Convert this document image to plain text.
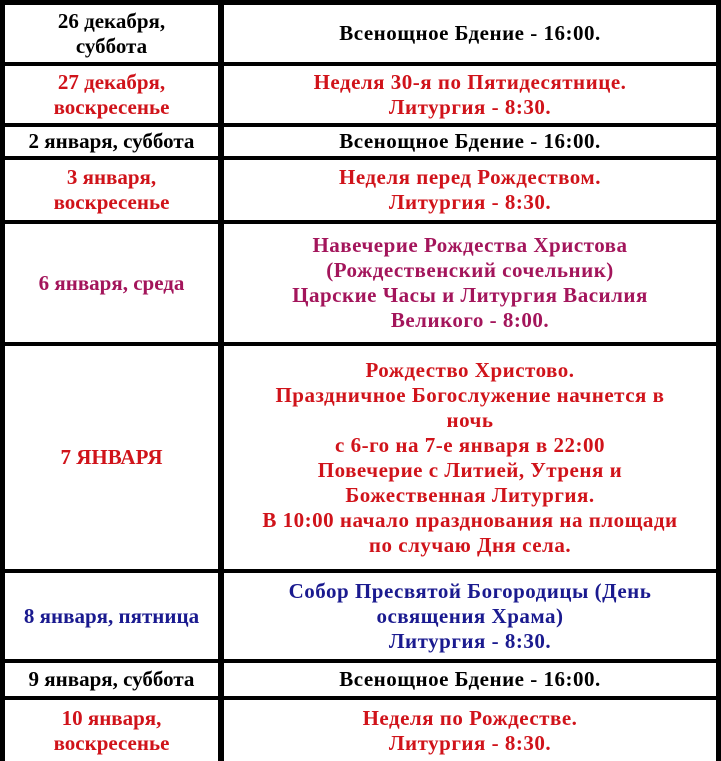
26 декабря,
суббота
Всенощное Бдение - 16:00.
27 декабря,
воскресенье
Неделя 30-я по Пятидесятнице.
Литургия - 8:30.
2 января, суббота	Всенощное Бдение - 16:00.
3 января,
воскресенье
Неделя перед Рождеством.
Литургия - 8:30.
6 января, среда
Навечерие Рождества Христова
(Рождественский сочельник)
Царские Часы и Литургия Василия
Великого - 8:00.
7 ЯНВАРЯ
Рождество Христово.
Праздничное Богослужение начнется в
ночь
с 6-го на 7-е января в 22:00
Повечерие с Литией, Утреня и
Божественная Литургия.
В 10:00 начало празднования на площади
по случаю Дня села.
8 января, пятница
Собор Пресвятой Богородицы (День
освящения Храма)
Литургия - 8:30.
9 января, суббота	Всенощное Бдение - 16:00.
10 января,
воскресенье
Неделя по Рождестве.
Литургия - 8:30.
